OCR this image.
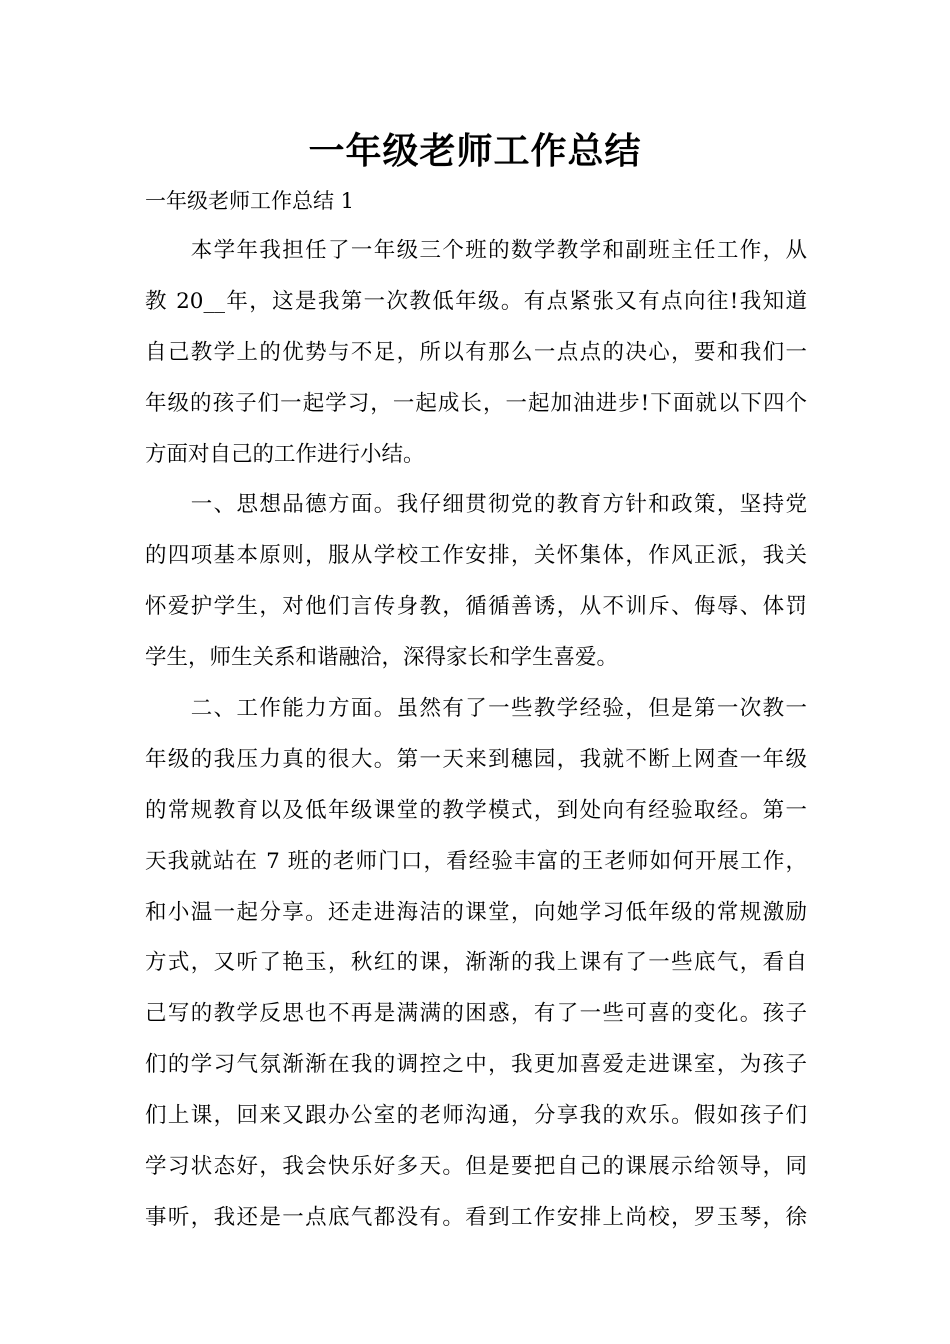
一年级老师工作总结
一年级老师工作总结 1
　　本学年我担任了一年级三个班的数学教学和副班主任工作，从
教 20__年，这是我第一次教低年级。有点紧张又有点向往!我知道
自己教学上的优势与不足，所以有那么一点点的决心，要和我们一
年级的孩子们一起学习，一起成长，一起加油进步!下面就以下四个
方面对自己的工作进行小结。
　　一、思想品德方面。我仔细贯彻党的教育方针和政策，坚持党
的四项基本原则，服从学校工作安排，关怀集体，作风正派，我关
怀爱护学生，对他们言传身教，循循善诱，从不训斥、侮辱、体罚
学生，师生关系和谐融洽，深得家长和学生喜爱。
　　二、工作能力方面。虽然有了一些教学经验，但是第一次教一
年级的我压力真的很大。第一天来到穗园，我就不断上网查一年级
的常规教育以及低年级课堂的教学模式，到处向有经验取经。第一
天我就站在 7 班的老师门口，看经验丰富的王老师如何开展工作，
和小温一起分享。还走进海洁的课堂，向她学习低年级的常规激励
方式，又听了艳玉，秋红的课，渐渐的我上课有了一些底气，看自
己写的教学反思也不再是满满的困惑，有了一些可喜的变化。孩子
们的学习气氛渐渐在我的调控之中，我更加喜爱走进课室，为孩子
们上课，回来又跟办公室的老师沟通，分享我的欢乐。假如孩子们
学习状态好，我会快乐好多天。但是要把自己的课展示给领导，同
事听，我还是一点底气都没有。看到工作安排上尚校，罗玉琴，徐
